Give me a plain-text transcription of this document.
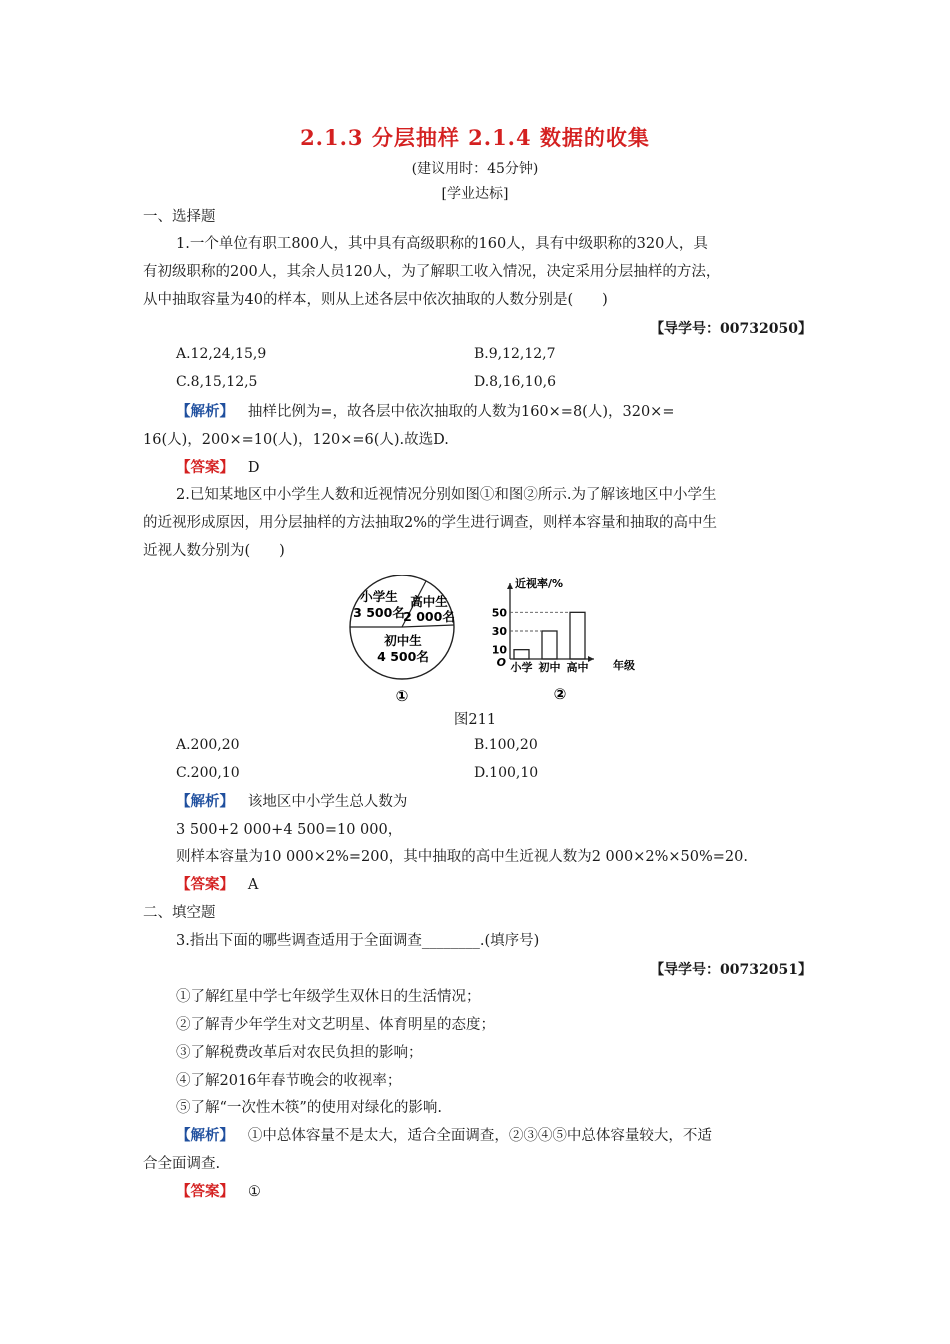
2.1.3 分层抽样 2.1.4 数据的收集
(建议用时：45分钟)
[学业达标]
一、选择题
1.一个单位有职工800人，其中具有高级职称的160人，具有中级职称的320人，具
有初级职称的200人，其余人员120人，为了解职工收入情况，决定采用分层抽样的方法，
从中抽取容量为40的样本，则从上述各层中依次抽取的人数分别是(　　)
【导学号：00732050】
A.12,24,15,9	B.9,12,12,7
C.8,15,12,5	D.8,16,10,6
【解析】 抽样比例为=，故各层中依次抽取的人数为160×=8(人)，320×=
16(人)，200×=10(人)，120×=6(人).故选D.
【答案】 D
2.已知某地区中小学生人数和近视情况分别如图①和图②所示.为了解该地区中小学生
的近视形成原因，用分层抽样的方法抽取2%的学生进行调查，则样本容量和抽取的高中生
近视人数分别为(　　)
小学生
3 500名
高中生
2 000名
初中生
4 500名
①
近视率/%
年级
O
10
30
50
小学 初中 高中
②
图211
A.200,20	B.100,20
C.200,10	D.100,10
【解析】 该地区中小学生总人数为
3 500+2 000+4 500=10 000，
则样本容量为10 000×2%=200，其中抽取的高中生近视人数为2 000×2%×50%=20.
【答案】 A
二、填空题
3.指出下面的哪些调查适用于全面调查________.(填序号)
【导学号：00732051】
①了解红星中学七年级学生双休日的生活情况；
②了解青少年学生对文艺明星、体育明星的态度；
③了解税费改革后对农民负担的影响；
④了解2016年春节晚会的收视率；
⑤了解“一次性木筷”的使用对绿化的影响.
【解析】 ①中总体容量不是太大，适合全面调查，②③④⑤中总体容量较大，不适
合全面调查.
【答案】 ①
